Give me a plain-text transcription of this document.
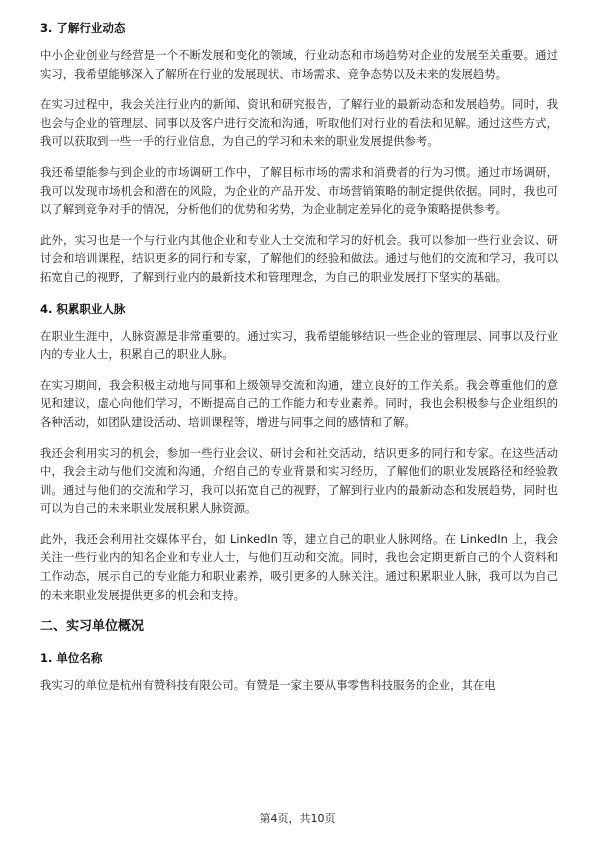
3. 了解行业动态

中小企业创业与经营是一个不断发展和变化的领域，行业动态和市场趋势对企业的发展至关重要。通过实习，我希望能够深入了解所在行业的发展现状、市场需求、竞争态势以及未来的发展趋势。

在实习过程中，我会关注行业内的新闻、资讯和研究报告，了解行业的最新动态和发展趋势。同时，我也会与企业的管理层、同事以及客户进行交流和沟通，听取他们对行业的看法和见解。通过这些方式，我可以获取到一些一手的行业信息，为自己的学习和未来的职业发展提供参考。

我还希望能参与到企业的市场调研工作中，了解目标市场的需求和消费者的行为习惯。通过市场调研，我可以发现市场机会和潜在的风险，为企业的产品开发、市场营销策略的制定提供依据。同时，我也可以了解到竞争对手的情况，分析他们的优势和劣势，为企业制定差异化的竞争策略提供参考。

此外，实习也是一个与行业内其他企业和专业人士交流和学习的好机会。我可以参加一些行业会议、研讨会和培训课程，结识更多的同行和专家，了解他们的经验和做法。通过与他们的交流和学习，我可以拓宽自己的视野，了解到行业内的最新技术和管理理念，为自己的职业发展打下坚实的基础。

4. 积累职业人脉

在职业生涯中，人脉资源是非常重要的。通过实习，我希望能够结识一些企业的管理层、同事以及行业内的专业人士，积累自己的职业人脉。

在实习期间，我会积极主动地与同事和上级领导交流和沟通，建立良好的工作关系。我会尊重他们的意见和建议，虚心向他们学习，不断提高自己的工作能力和专业素养。同时，我也会积极参与企业组织的各种活动，如团队建设活动、培训课程等，增进与同事之间的感情和了解。

我还会利用实习的机会，参加一些行业会议、研讨会和社交活动，结识更多的同行和专家。在这些活动中，我会主动与他们交流和沟通，介绍自己的专业背景和实习经历，了解他们的职业发展路径和经验教训。通过与他们的交流和学习，我可以拓宽自己的视野，了解到行业内的最新动态和发展趋势，同时也可以为自己的未来职业发展积累人脉资源。

此外，我还会利用社交媒体平台，如 LinkedIn 等，建立自己的职业人脉网络。在 LinkedIn 上，我会关注一些行业内的知名企业和专业人士，与他们互动和交流。同时，我也会定期更新自己的个人资料和工作动态，展示自己的专业能力和职业素养，吸引更多的人脉关注。通过积累职业人脉，我可以为自己的未来职业发展提供更多的机会和支持。

二、实习单位概况
1. 单位名称

我实习的单位是杭州有赞科技有限公司。有赞是一家主要从事零售科技服务的企业，其在电

第4页，共10页
